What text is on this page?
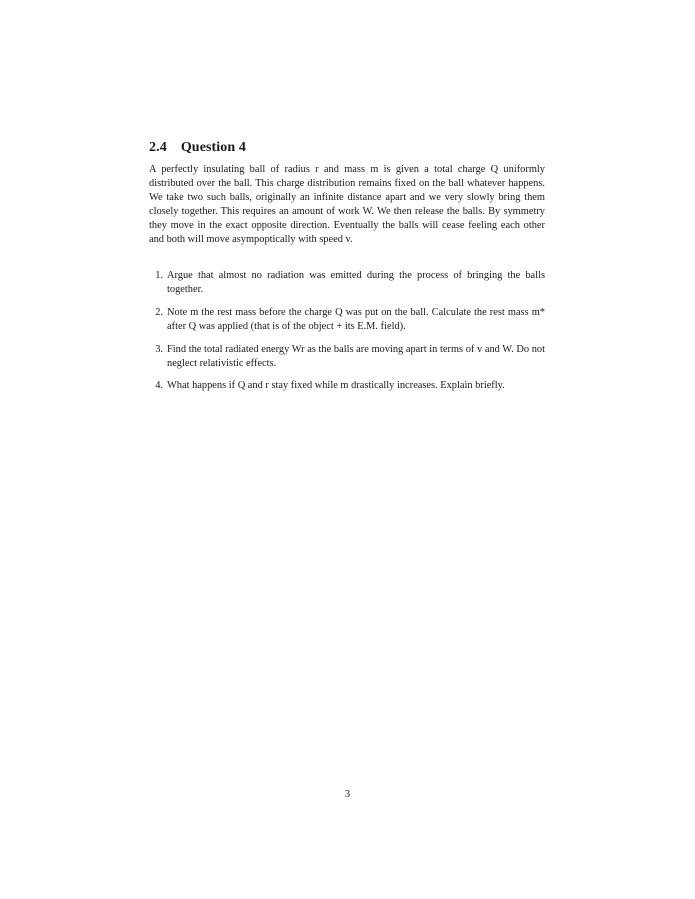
2.4 Question 4

A perfectly insulating ball of radius r and mass m is given a total charge Q uniformly distributed over the ball. This charge distribution remains fixed on the ball whatever happens. We take two such balls, originally an infinite distance apart and we very slowly bring them closely together. This requires an amount of work W. We then release the balls. By symmetry they move in the exact opposite direction. Eventually the balls will cease feeling each other and both will move asympoptically with speed v.

1. Argue that almost no radiation was emitted during the process of bringing the balls together.
2. Note m the rest mass before the charge Q was put on the ball. Calculate the rest mass m* after Q was applied (that is of the object + its E.M. field).
3. Find the total radiated energy Wr as the balls are moving apart in terms of v and W. Do not neglect relativistic effects.
4. What happens if Q and r stay fixed while m drastically increases. Explain briefly.
3
